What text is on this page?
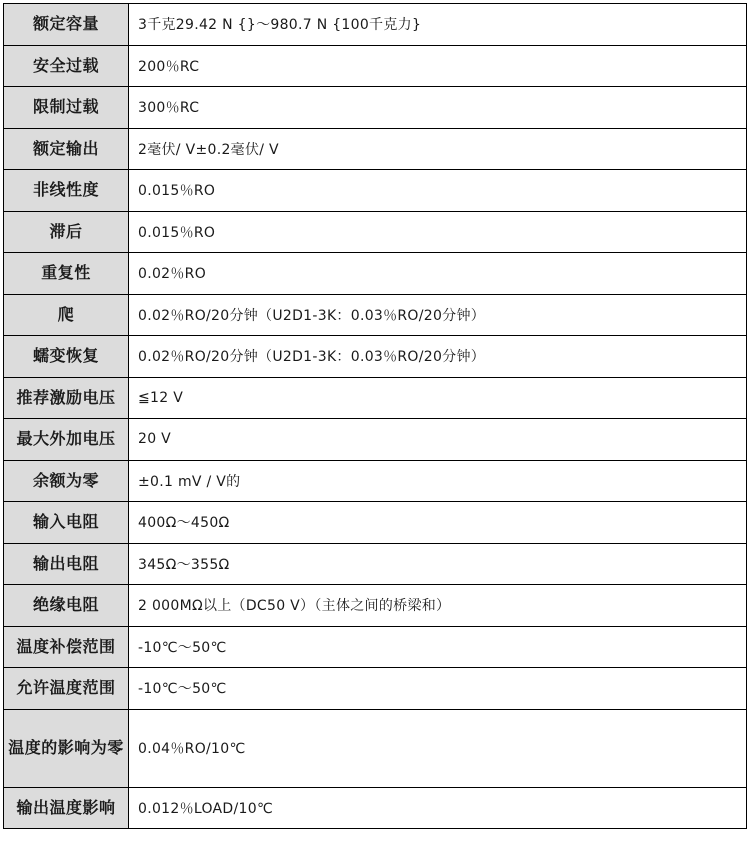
额定容量	3千克29.42 N {}～980.7 N {100千克力}
安全过载	200％RC
限制过载	300％RC
额定输出	2毫伏/ V±0.2毫伏/ V
非线性度	0.015％RO
滞后	0.015％RO
重复性	0.02％RO
爬	0.02％RO/20分钟（U2D1-3K：0.03％RO/20分钟）
蠕变恢复	0.02％RO/20分钟（U2D1-3K：0.03％RO/20分钟）
推荐激励电压	≦12 V
最大外加电压	20 V
余额为零	±0.1 mV / V的
输入电阻	400Ω～450Ω
输出电阻	345Ω～355Ω
绝缘电阻	2 000MΩ以上（DC50 V）（主体之间的桥梁和）
温度补偿范围	-10℃～50℃
允许温度范围	-10℃～50℃
温度的影响为零	0.04％RO/10℃
输出温度影响	0.012％LOAD/10℃
